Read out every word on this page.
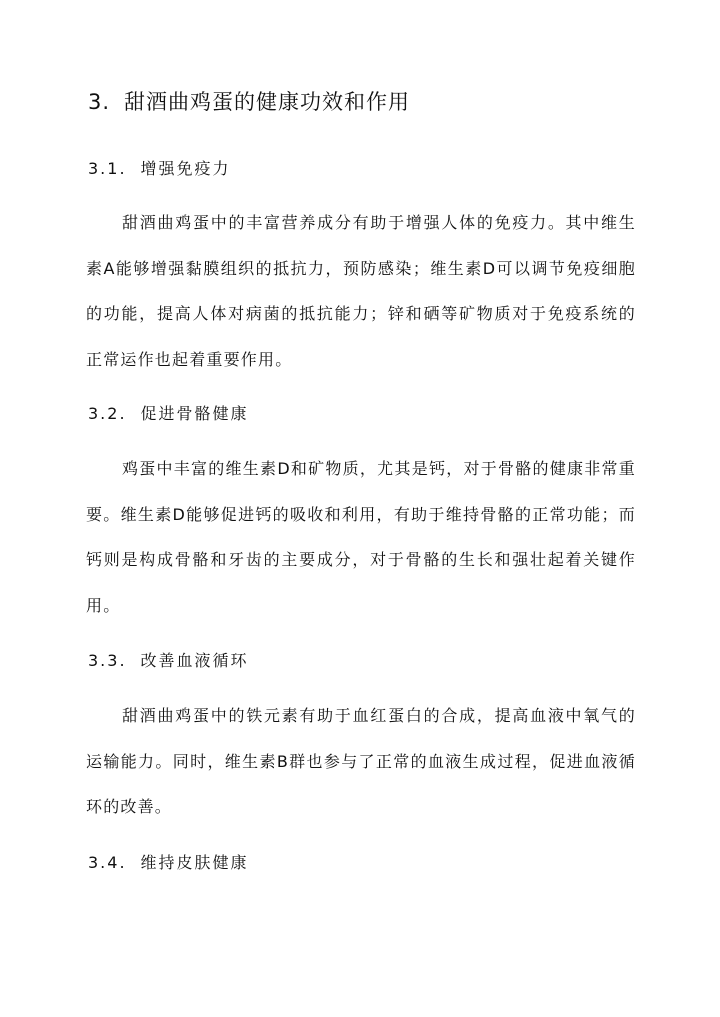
3. 甜酒曲鸡蛋的健康功效和作用
3.1. 增强免疫力

甜酒曲鸡蛋中的丰富营养成分有助于增强人体的免疫力。其中维生素A能够增强黏膜组织的抵抗力，预防感染；维生素D可以调节免疫细胞的功能，提高人体对病菌的抵抗能力；锌和硒等矿物质对于免疫系统的正常运作也起着重要作用。

3.2. 促进骨骼健康

鸡蛋中丰富的维生素D和矿物质，尤其是钙，对于骨骼的健康非常重要。维生素D能够促进钙的吸收和利用，有助于维持骨骼的正常功能；而钙则是构成骨骼和牙齿的主要成分，对于骨骼的生长和强壮起着关键作用。

3.3. 改善血液循环

甜酒曲鸡蛋中的铁元素有助于血红蛋白的合成，提高血液中氧气的运输能力。同时，维生素B群也参与了正常的血液生成过程，促进血液循环的改善。

3.4. 维持皮肤健康
